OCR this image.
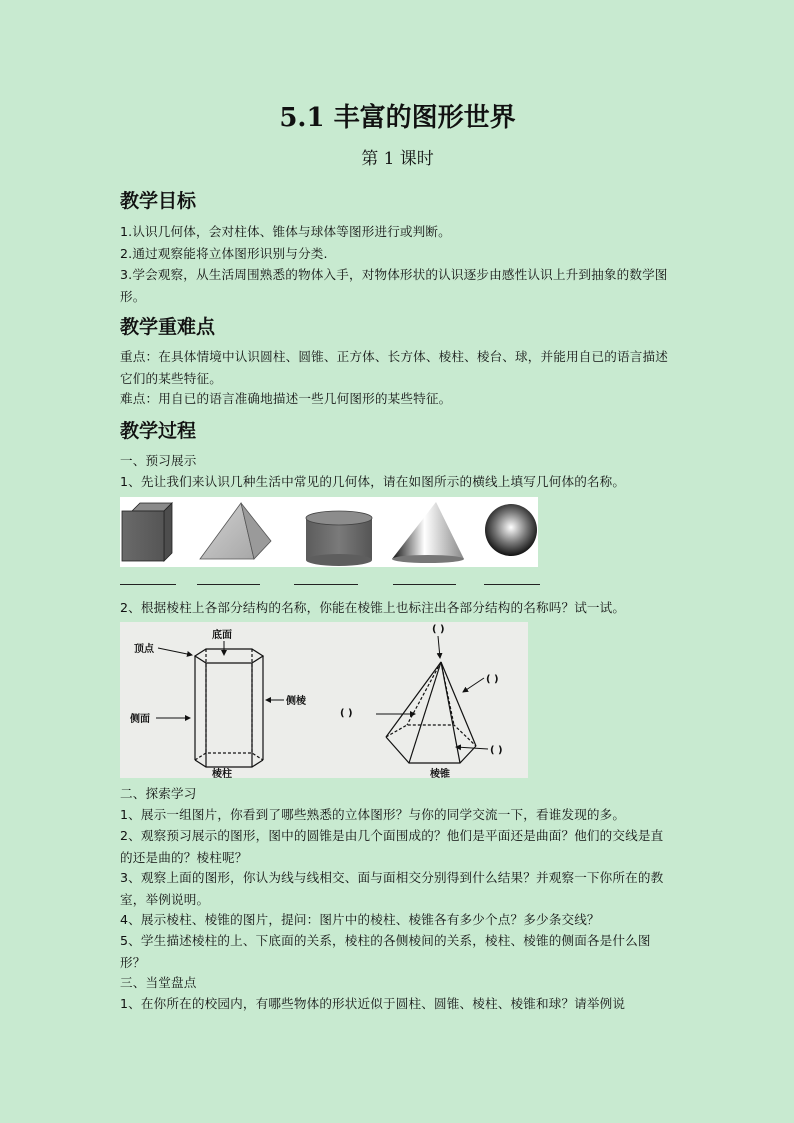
5.1 丰富的图形世界
第 1 课时
教学目标
1.认识几何体，会对柱体、锥体与球体等图形进行或判断。
2.通过观察能将立体图形识别与分类.
3.学会观察，从生活周围熟悉的物体入手，对物体形状的认识逐步由感性认识上升到抽象的数学图形。
教学重难点
重点：在具体情境中认识圆柱、圆锥、正方体、长方体、棱柱、棱台、球，并能用自已的语言描述它们的某些特征。
难点：用自已的语言准确地描述一些几何图形的某些特征。
教学过程
一、预习展示
1、先让我们来认识几种生活中常见的几何体，请在如图所示的横线上填写几何体的名称。
2、根据棱柱上各部分结构的名称，你能在棱锥上也标注出各部分结构的名称吗？试一试。
二、探索学习
1、展示一组图片，你看到了哪些熟悉的立体图形？与你的同学交流一下，看谁发现的多。
2、观察预习展示的图形，图中的圆锥是由几个面围成的？他们是平面还是曲面？他们的交线是直的还是曲的？棱柱呢？
3、观察上面的图形，你认为线与线相交、面与面相交分别得到什么结果？并观察一下你所在的教室，举例说明。
4、展示棱柱、棱锥的图片，提问：图片中的棱柱、棱锥各有多少个点？多少条交线？
5、学生描述棱柱的上、下底面的关系，棱柱的各侧棱间的关系，棱柱、棱锥的侧面各是什么图形？
三、当堂盘点
1、在你所在的校园内，有哪些物体的形状近似于圆柱、圆锥、棱柱、棱锥和球？请举例说
顶点
底面
侧棱
侧面
棱柱
( )
( )
( )
( )
棱锥
